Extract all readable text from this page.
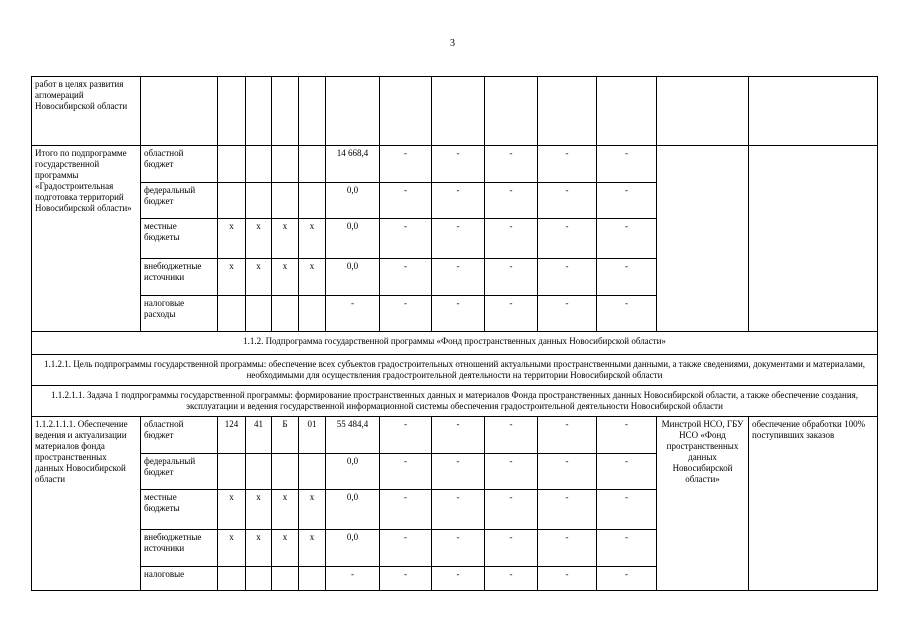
3
работ в целях развития агломераций Новосибирской области													
Итого по подпрограмме государственной программы «Градостроительная подготовка территорий Новосибирской области»	областной бюджет					14 668,4	-	-	-	-	-		
	федеральный бюджет					0,0	-	-	-	-	-		
	местные бюджеты	x	x	x	x	0,0	-	-	-	-	-		
	внебюджетные источники	x	x	x	x	0,0	-	-	-	-	-		
	налоговые расходы					-	-	-	-	-	-		
1.1.2. Подпрограмма государственной программы «Фонд пространственных данных Новосибирской области»													
1.1.2.1. Цель подпрограммы государственной программы: обеспечение всех субъектов градостроительных отношений актуальными пространственными данными, а также сведениями, документами и материалами, необходимыми для осуществления градостроительной деятельности на территории Новосибирской области													
1.1.2.1.1. Задача 1 подпрограммы государственной программы: формирование пространственных данных и материалов Фонда пространственных данных Новосибирской области, а также обеспечение создания, эксплуатации и ведения государственной информационной системы обеспечения градостроительной деятельности Новосибирской области													
1.1.2.1.1.1. Обеспечение ведения и актуализации материалов фонда пространственных данных Новосибирской области	областной бюджет	124	41	Б	01	55 484,4	-	-	-	-	-	Минстрой НСО, ГБУ НСО «Фонд пространственных данных Новосибирской области»	обеспечение обработки 100% поступивших заказов
	федеральный бюджет					0,0	-	-	-	-	-		
	местные бюджеты	x	x	x	x	0,0	-	-	-	-	-		
	внебюджетные источники	x	x	x	x	0,0	-	-	-	-	-		
	налоговые					-	-	-	-	-	-		
